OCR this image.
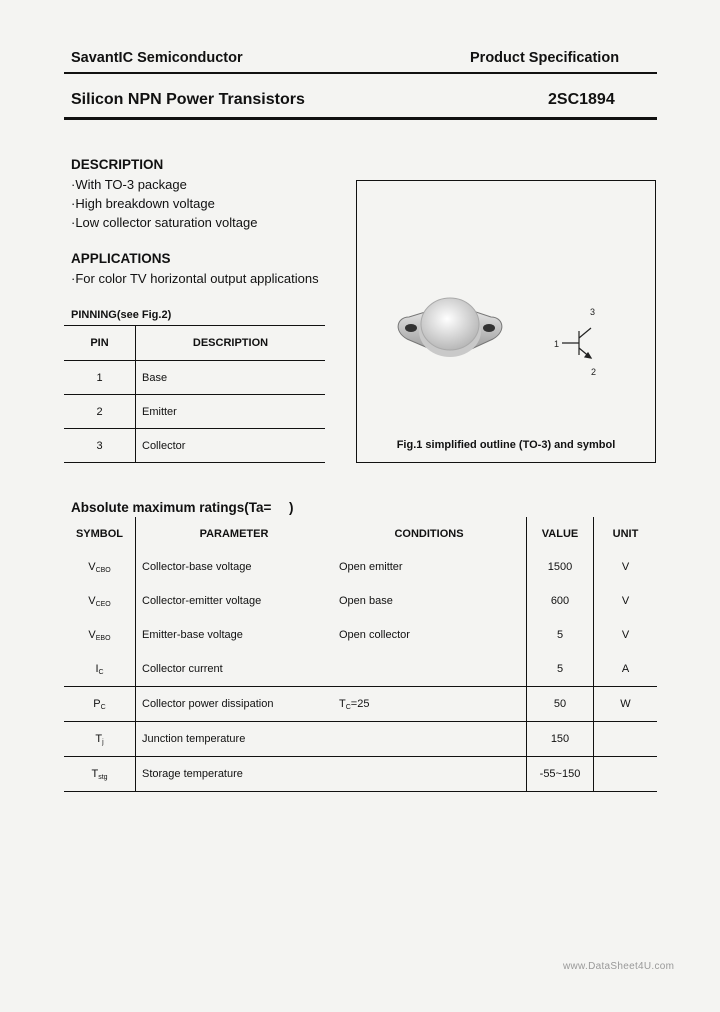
SavantIC Semiconductor	Product Specification
Silicon NPN Power Transistors	2SC1894
DESCRIPTION
·With TO-3 package
·High breakdown voltage
·Low collector saturation voltage
APPLICATIONS
·For color TV horizontal output applications
PINNING(see Fig.2)
PIN	DESCRIPTION
1	Base
2	Emitter
3	Collector
1
2
3
Fig.1 simplified outline (TO-3) and symbol
Absolute maximum ratings(Ta= )
SYMBOL	PARAMETER	CONDITIONS	VALUE	UNIT
$V_{CBO}$	Collector-base voltage	Open emitter	1500	V
$V_{CEO}$	Collector-emitter voltage	Open base	600	V
$V_{EBO}$	Emitter-base voltage	Open collector	5	V
$I_C$	Collector current		5	A
$P_C$	Collector power dissipation	$T_C=25$	50	W
$T_j$	Junction temperature		150	
$T_{stg}$	Storage temperature		-55~150	
www.DataSheet4U.com
